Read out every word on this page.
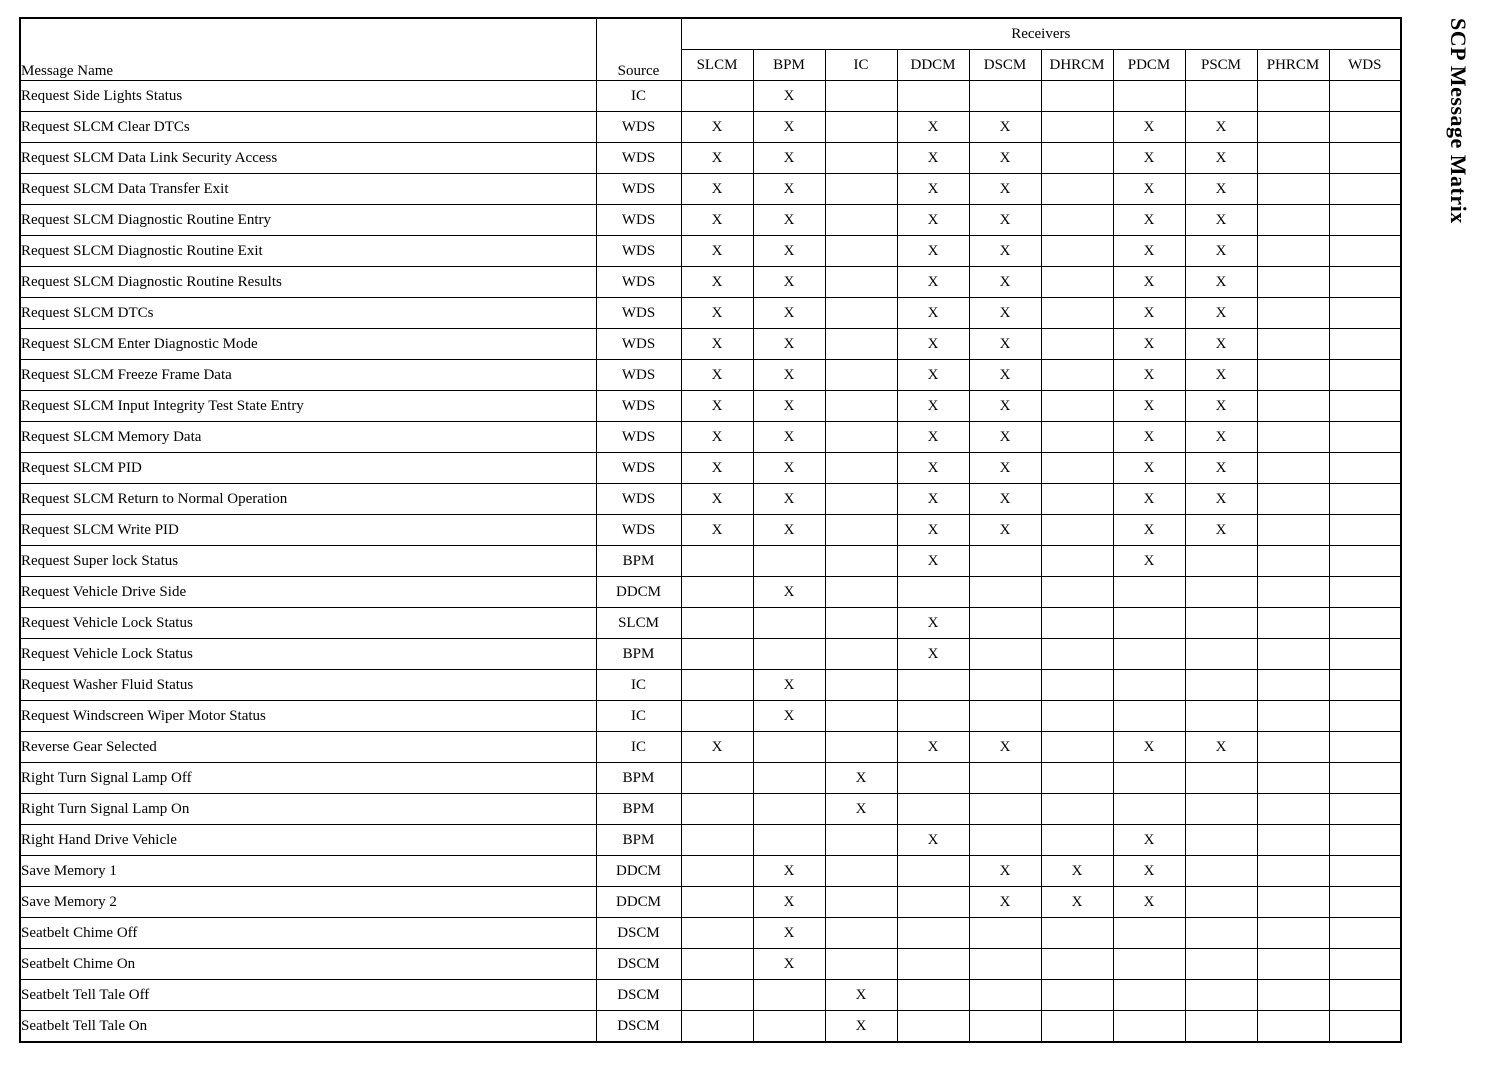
Message Name	Source	Receivers									
		SLCM	BPM	IC	DDCM	DSCM	DHRCM	PDCM	PSCM	PHRCM	WDS
Request Side Lights Status	IC		X								
Request SLCM Clear DTCs	WDS	X	X		X	X		X	X		
Request SLCM Data Link Security Access	WDS	X	X		X	X		X	X		
Request SLCM Data Transfer Exit	WDS	X	X		X	X		X	X		
Request SLCM Diagnostic Routine Entry	WDS	X	X		X	X		X	X		
Request SLCM Diagnostic Routine Exit	WDS	X	X		X	X		X	X		
Request SLCM Diagnostic Routine Results	WDS	X	X		X	X		X	X		
Request SLCM DTCs	WDS	X	X		X	X		X	X		
Request SLCM Enter Diagnostic Mode	WDS	X	X		X	X		X	X		
Request SLCM Freeze Frame Data	WDS	X	X		X	X		X	X		
Request SLCM Input Integrity Test State Entry	WDS	X	X		X	X		X	X		
Request SLCM Memory Data	WDS	X	X		X	X		X	X		
Request SLCM PID	WDS	X	X		X	X		X	X		
Request SLCM Return to Normal Operation	WDS	X	X		X	X		X	X		
Request SLCM Write PID	WDS	X	X		X	X		X	X		
Request Super lock Status	BPM				X			X			
Request Vehicle Drive Side	DDCM		X								
Request Vehicle Lock Status	SLCM				X						
Request Vehicle Lock Status	BPM				X						
Request Washer Fluid Status	IC		X								
Request Windscreen Wiper Motor Status	IC		X								
Reverse Gear Selected	IC	X			X	X		X	X		
Right Turn Signal Lamp Off	BPM			X							
Right Turn Signal Lamp On	BPM			X							
Right Hand Drive Vehicle	BPM				X			X			
Save Memory 1	DDCM		X			X	X	X			
Save Memory 2	DDCM		X			X	X	X			
Seatbelt Chime Off	DSCM		X								
Seatbelt Chime On	DSCM		X								
Seatbelt Tell Tale Off	DSCM			X							
Seatbelt Tell Tale On	DSCM			X							
SCP Message Matrix
